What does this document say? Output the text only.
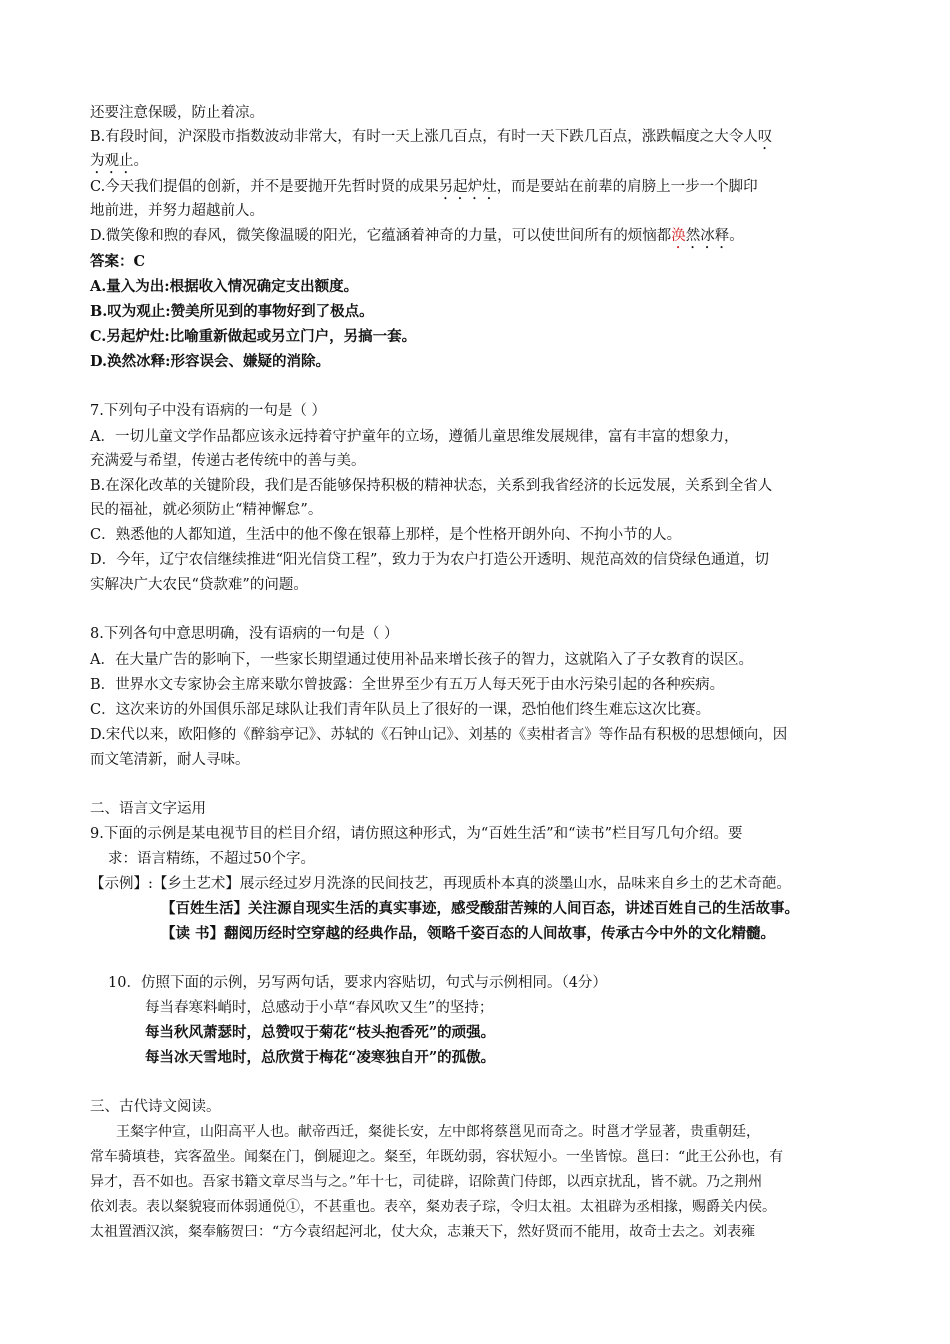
还要注意保暖，防止着凉。
B.有段时间，沪深股市指数波动非常大，有时一天上涨几百点，有时一天下跌几百点，涨跌幅度之大令人叹
为观止。
C.今天我们提倡的创新，并不是要抛开先哲时贤的成果另起炉灶，而是要站在前辈的肩膀上一步一个脚印
地前进，并努力超越前人。
D.微笑像和煦的春风，微笑像温暖的阳光，它蕴涵着神奇的力量，可以使世间所有的烦恼都涣然冰释。
答案：C
A.量入为出:根据收入情况确定支出额度。
B.叹为观止:赞美所见到的事物好到了极点。
C.另起炉灶:比喻重新做起或另立门户，另搞一套。
D.涣然冰释:形容误会、嫌疑的消除。
7.下列句子中没有语病的一句是（ ）
A．一切儿童文学作品都应该永远持着守护童年的立场，遵循儿童思维发展规律，富有丰富的想象力，
充满爱与希望，传递古老传统中的善与美。
B.在深化改革的关键阶段，我们是否能够保持积极的精神状态，关系到我省经济的长远发展，关系到全省人
民的福祉，就必须防止“精神懈怠”。
C．熟悉他的人都知道，生活中的他不像在银幕上那样，是个性格开朗外向、不拘小节的人。
D．今年，辽宁农信继续推进“阳光信贷工程”，致力于为农户打造公开透明、规范高效的信贷绿色通道，切
实解决广大农民“贷款难”的问题。
8.下列各句中意思明确，没有语病的一句是（ ）
A．在大量广告的影响下，一些家长期望通过使用补品来增长孩子的智力，这就陷入了子女教育的误区。
B．世界水文专家协会主席来歇尔曾披露：全世界至少有五万人每天死于由水污染引起的各种疾病。
C．这次来访的外国俱乐部足球队让我们青年队员上了很好的一课，恐怕他们终生难忘这次比赛。
D.宋代以来，欧阳修的《醉翁亭记》、苏轼的《石钟山记》、刘基的《卖柑者言》等作品有积极的思想倾向，因
而文笔清新，耐人寻味。
二、语言文字运用
9.下面的示例是某电视节目的栏目介绍，请仿照这种形式，为“百姓生活”和“读书”栏目写几句介绍。要
求：语言精练，不超过50个字。
【示例】:【乡土艺术】展示经过岁月洗涤的民间技艺，再现质朴本真的淡墨山水，品味来自乡土的艺术奇葩。
【百姓生活】关注源自现实生活的真实事迹，感受酸甜苦辣的人间百态，讲述百姓自己的生活故事。
【读 书】翻阅历经时空穿越的经典作品，领略千姿百态的人间故事，传承古今中外的文化精髓。
10．仿照下面的示例，另写两句话，要求内容贴切，句式与示例相同。（4分）
每当春寒料峭时，总感动于小草“春风吹又生”的坚持；
每当秋风萧瑟时，总赞叹于菊花“枝头抱香死”的顽强。
每当冰天雪地时，总欣赏于梅花“凌寒独自开”的孤傲。
三、古代诗文阅读。
王粲字仲宣，山阳高平人也。献帝西迁，粲徙长安，左中郎将蔡邕见而奇之。时邕才学显著，贵重朝廷，
常车骑填巷，宾客盈坐。闻粲在门，倒屣迎之。粲至，年既幼弱，容状短小。一坐皆惊。邕曰：“此王公孙也，有
异才，吾不如也。吾家书籍文章尽当与之。”年十七，司徒辟，诏除黄门侍郎，以西京扰乱，皆不就。乃之荆州
依刘表。表以粲貌寝而体弱通侻①，不甚重也。表卒，粲劝表子琮，令归太祖。太祖辟为丞相掾，赐爵关内侯。
太祖置酒汉滨，粲奉觞贺曰：“方今袁绍起河北，仗大众，志兼天下，然好贤而不能用，故奇士去之。刘表雍
